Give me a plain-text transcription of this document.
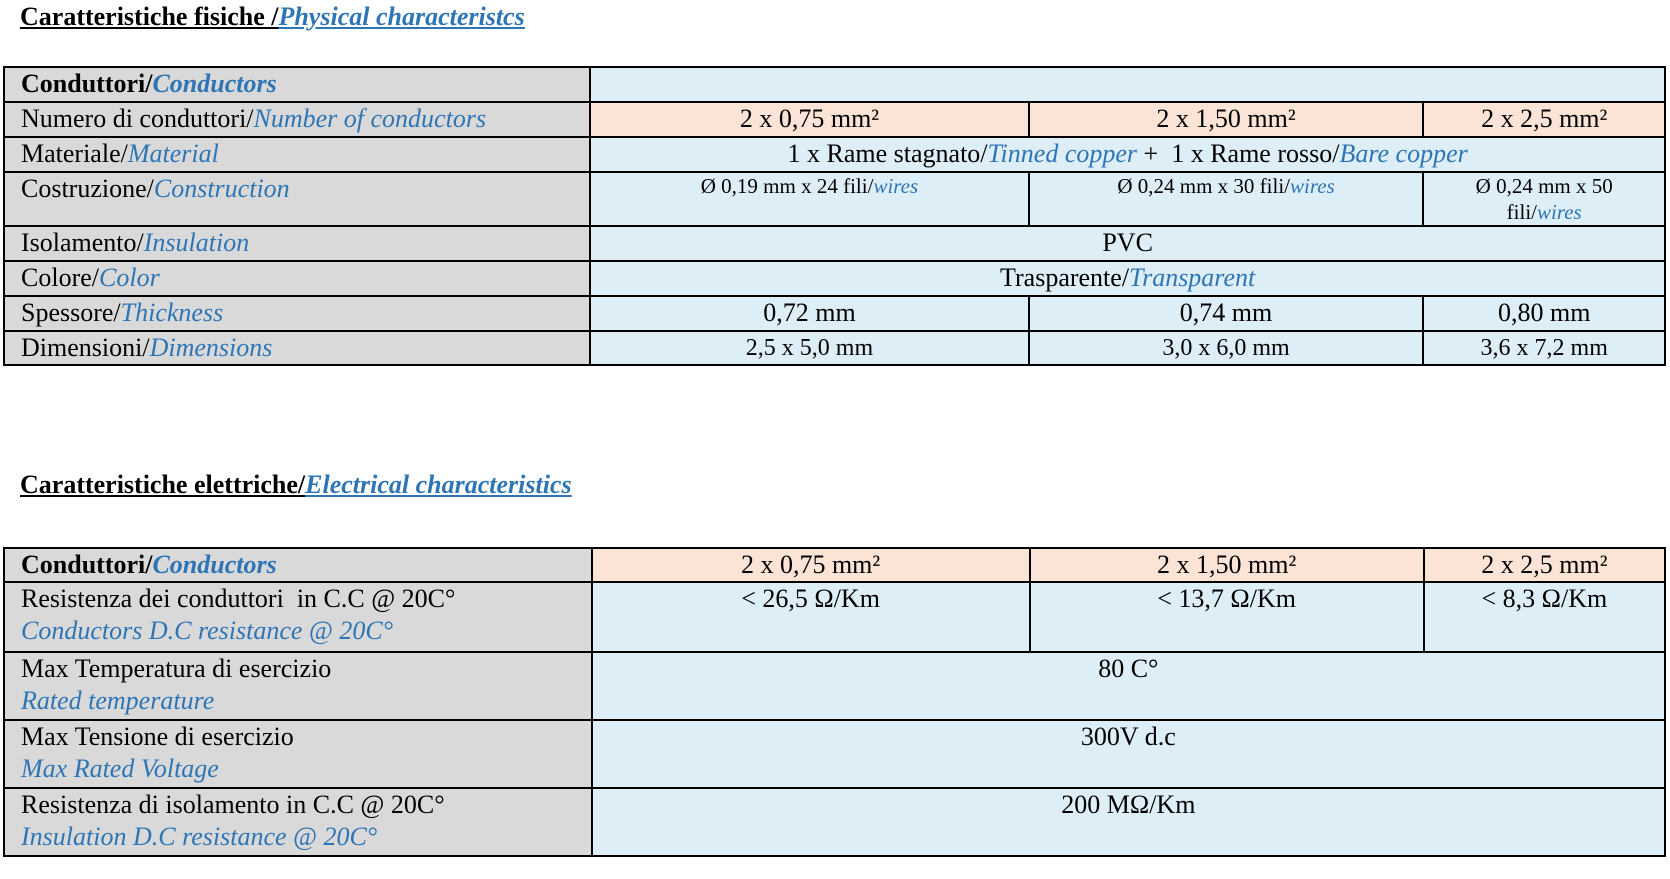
Caratteristiche fisiche /Physical characteristcs
Conduttori/Conductors			
Numero di conduttori/Number of conductors	2 x 0,75 mm²	2 x 1,50 mm²	2 x 2,5 mm²
Materiale/Material	1 x Rame stagnato/Tinned copper +  1 x Rame rosso/Bare copper		
Costruzione/Construction	Ø 0,19 mm x 24 fili/wires	Ø 0,24 mm x 30 fili/wires	Ø 0,24 mm x 50
fili/wires
Isolamento/Insulation	PVC		
Colore/Color	Trasparente/Transparent		
Spessore/Thickness	0,72 mm	0,74 mm	0,80 mm
Dimensioni/Dimensions	2,5 x 5,0 mm	3,0 x 6,0 mm	3,6 x 7,2 mm
Caratteristiche elettriche/Electrical characteristics
Conduttori/Conductors	2 x 0,75 mm²	2 x 1,50 mm²	2 x 2,5 mm²

Resistenza dei conduttori  in C.C @ 20C°
Conductors D.C resistance @ 20C°	< 26,5 Ω/Km	< 13,7 Ω/Km	< 8,3 Ω/Km

Max Temperatura di esercizio
Rated temperature	80 C°		

Max Tensione di esercizio
Max Rated Voltage	300V d.c		

Resistenza di isolamento in C.C @ 20C°
Insulation D.C resistance @ 20C°	200 MΩ/Km		
